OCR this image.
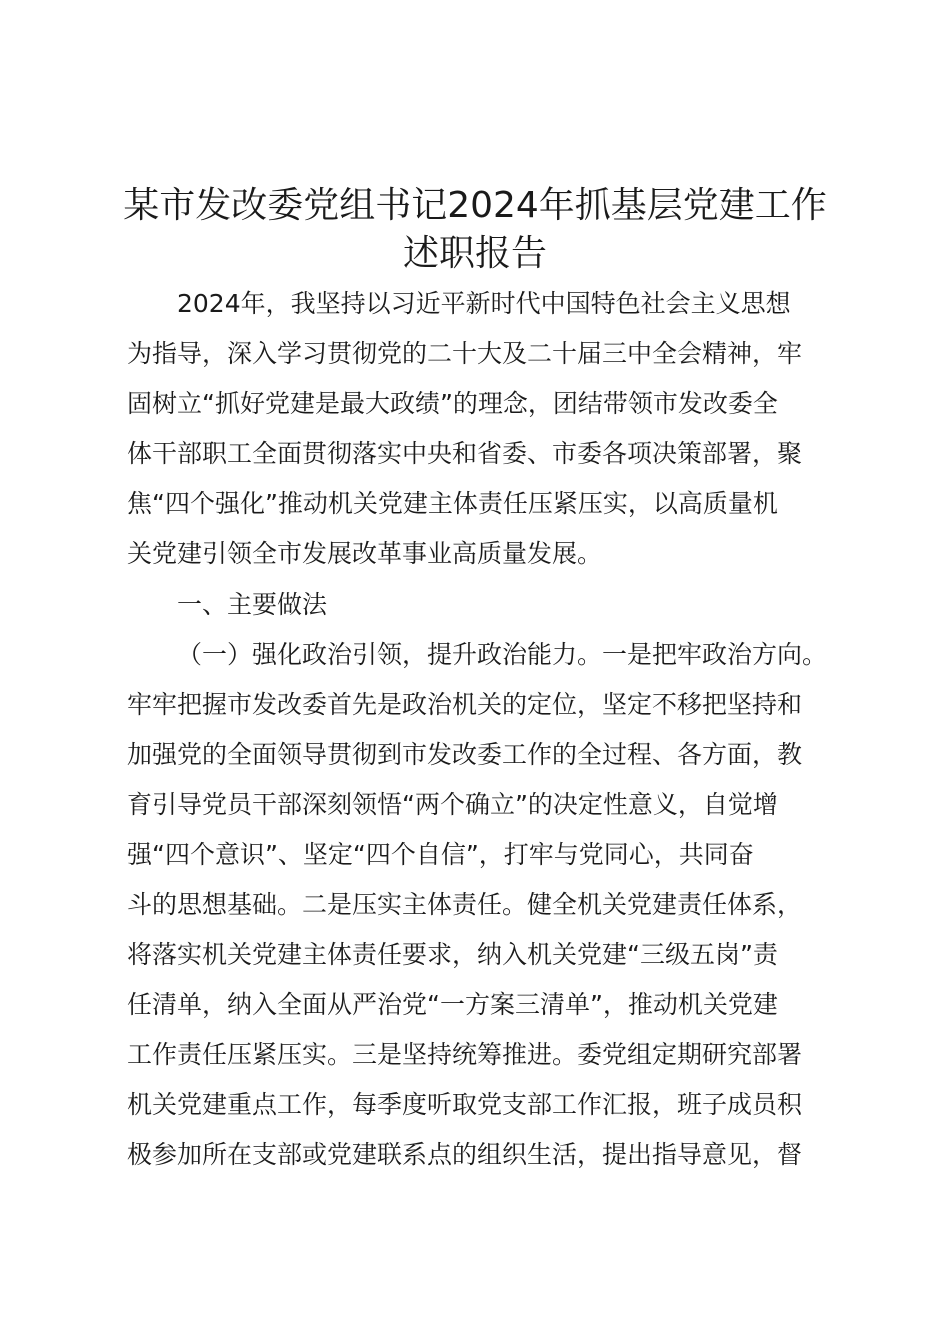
某市发改委党组书记2024年抓基层党建工作
述职报告
2024年，我坚持以习近平新时代中国特色社会主义思想
为指导，深入学习贯彻党的二十大及二十届三中全会精神，牢
固树立“抓好党建是最大政绩”的理念，团结带领市发改委全
体干部职工全面贯彻落实中央和省委、市委各项决策部署，聚
焦“四个强化”推动机关党建主体责任压紧压实，以高质量机
关党建引领全市发展改革事业高质量发展。
一、主要做法
（一）强化政治引领，提升政治能力。一是把牢政治方向。
牢牢把握市发改委首先是政治机关的定位，坚定不移把坚持和
加强党的全面领导贯彻到市发改委工作的全过程、各方面，教
育引导党员干部深刻领悟“两个确立”的决定性意义，自觉增
强“四个意识”、坚定“四个自信”，打牢与党同心，共同奋
斗的思想基础。二是压实主体责任。健全机关党建责任体系，
将落实机关党建主体责任要求，纳入机关党建“三级五岗”责
任清单，纳入全面从严治党“一方案三清单”，推动机关党建
工作责任压紧压实。三是坚持统筹推进。委党组定期研究部署
机关党建重点工作，每季度听取党支部工作汇报，班子成员积
极参加所在支部或党建联系点的组织生活，提出指导意见，督
